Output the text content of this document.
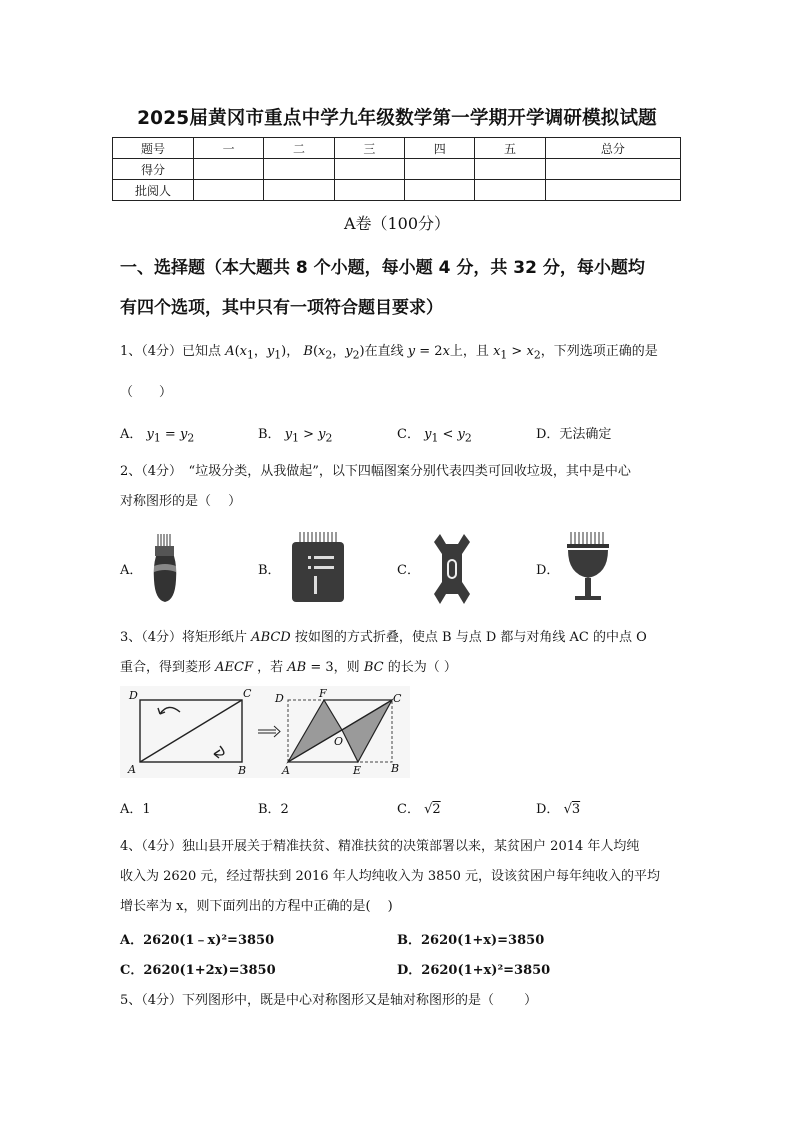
2025届黄冈市重点中学九年级数学第一学期开学调研模拟试题
题号	一	二	三	四	五	总分
得分						
批阅人						
A卷（100分）
一、选择题（本大题共 8 个小题，每小题 4 分，共 32 分，每小题均
有四个选项，其中只有一项符合题目要求）
1、（4分）已知点 $A(x_1$，$y_1$)， $B(x_2$，$y_2$)在直线 y = 2x上，且 $x_1 > x_2$，下列选项正确的是
（　　）
A． $y_1 = y_2$	B． $y_1 > y_2$	C． $y_1 < y_2$	D．无法确定
2、（4分）　“垃圾分类，从我做起”，以下四幅图案分别代表四类可回收垃圾，其中是中心
对称图形的是（　 ）
A．	B．	C．	D．
3、（4分）将矩形纸片 ABCD 按如图的方式折叠，使点 B 与点 D 都与对角线 AC 的中点 O
重合，得到菱形 AECF ，若 AB = 3，则 BC 的长为（ ）
D	C
A	B
D	F	C
O
A	E	B
A．1	B．2	C． √2	D． √3
4、（4分）独山县开展关于精准扶贫、精准扶贫的决策部署以来，某贫困户 2014 年人均纯
收入为 2620 元，经过帮扶到 2016 年人均纯收入为 3850 元，设该贫困户每年纯收入的平均
增长率为 x，则下面列出的方程中正确的是(　 )
A．2620(1﹣x)²=3850	B．2620(1+x)=3850
C．2620(1+2x)=3850	D．2620(1+x)²=3850
5、（4分）下列图形中，既是中心对称图形又是轴对称图形的是（　　 ）
